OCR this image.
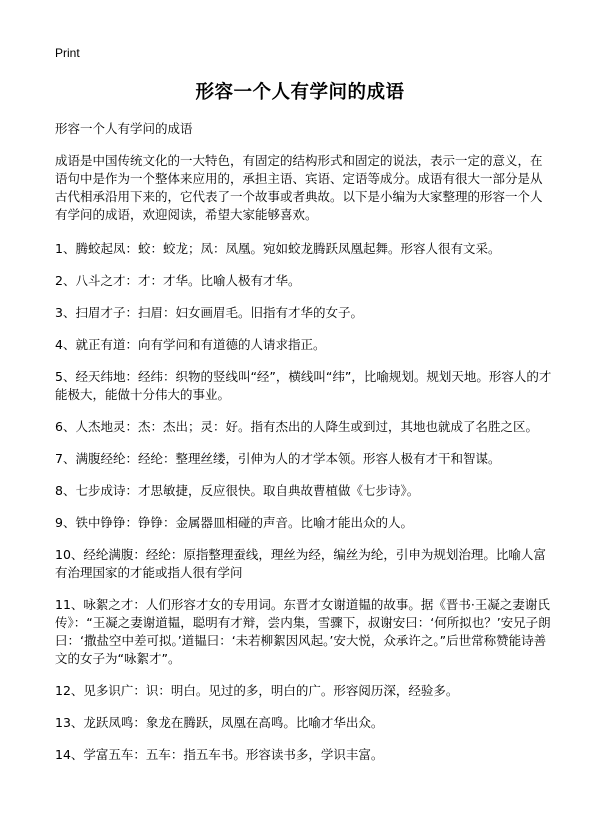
Print
形容一个人有学问的成语

形容一个人有学问的成语

成语是中国传统文化的一大特色，有固定的结构形式和固定的说法，表示一定的意义，在语句中是作为一个整体来应用的，承担主语、宾语、定语等成分。成语有很大一部分是从古代相承沿用下来的，它代表了一个故事或者典故。以下是小编为大家整理的形容一个人有学问的成语，欢迎阅读，希望大家能够喜欢。

1、腾蛟起凤：蛟：蛟龙；凤：凤凰。宛如蛟龙腾跃凤凰起舞。形容人很有文采。

2、八斗之才：才：才华。比喻人极有才华。

3、扫眉才子：扫眉：妇女画眉毛。旧指有才华的女子。

4、就正有道：向有学问和有道德的人请求指正。

5、经天纬地：经纬：织物的竖线叫“经”，横线叫“纬”，比喻规划。规划天地。形容人的才能极大，能做十分伟大的事业。

6、人杰地灵：杰：杰出；灵：好。指有杰出的人降生或到过，其地也就成了名胜之区。

7、满腹经纶：经纶：整理丝缕，引伸为人的才学本领。形容人极有才干和智谋。

8、七步成诗：才思敏捷，反应很快。取自典故曹植做《七步诗》。

9、铁中铮铮：铮铮：金属器皿相碰的声音。比喻才能出众的人。

10、经纶满腹：经纶：原指整理蚕线，理丝为经，编丝为纶，引申为规划治理。比喻人富有治理国家的才能或指人很有学问

11、咏絮之才：人们形容才女的专用词。东晋才女谢道韫的故事。据《晋书·王凝之妻谢氏传》：“王凝之妻谢道韫，聪明有才辩，尝内集，雪骤下，叔谢安曰：‘何所拟也？’安兄子朗曰：‘撒盐空中差可拟。’道韫曰：‘未若柳絮因风起。’安大悦，众承许之。”后世常称赞能诗善文的女子为“咏絮才”。

12、见多识广：识：明白。见过的多，明白的广。形容阅历深，经验多。

13、龙跃凤鸣：象龙在腾跃，凤凰在高鸣。比喻才华出众。

14、学富五车：五车：指五车书。形容读书多，学识丰富。
